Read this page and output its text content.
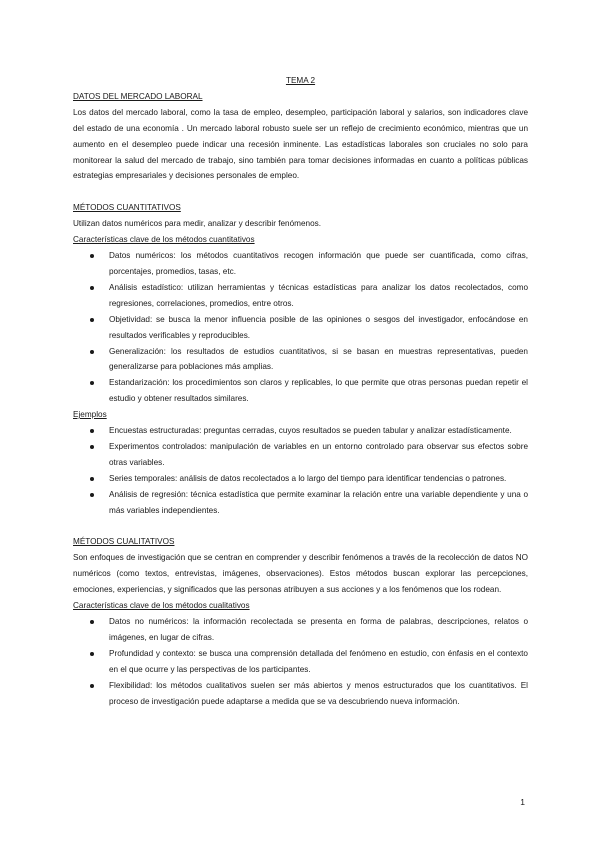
TEMA 2

DATOS DEL MERCADO LABORAL

Los datos del mercado laboral, como la tasa de empleo, desempleo, participación laboral y salarios, son indicadores clave del estado de una economía . Un mercado laboral robusto suele ser un reflejo de crecimiento económico, mientras que un aumento en el desempleo puede indicar una recesión inminente. Las estadísticas laborales son cruciales no solo para monitorear la salud del mercado de trabajo, sino también para tomar decisiones informadas en cuanto a políticas públicas estrategias empresariales y decisiones personales de empleo.

MÉTODOS CUANTITATIVOS

Utilizan datos numéricos para medir, analizar y describir fenómenos.

Características clave de los métodos cuantitativos

Datos numéricos: los métodos cuantitativos recogen información que puede ser cuantificada, como cifras, porcentajes, promedios, tasas, etc.
Análisis estadístico: utilizan herramientas y técnicas estadísticas para analizar los datos recolectados, como regresiones, correlaciones, promedios, entre otros.
Objetividad: se busca la menor influencia posible de las opiniones o sesgos del investigador, enfocándose en resultados verificables y reproducibles.
Generalización: los resultados de estudios cuantitativos, si se basan en muestras representativas, pueden generalizarse para poblaciones más amplias.
Estandarización: los procedimientos son claros y replicables, lo que permite que otras personas puedan repetir el estudio y obtener resultados similares.

Ejemplos

Encuestas estructuradas: preguntas cerradas, cuyos resultados se pueden tabular y analizar estadísticamente.
Experimentos controlados: manipulación de variables en un entorno controlado para observar sus efectos sobre otras variables.
Series temporales: análisis de datos recolectados a lo largo del tiempo para identificar tendencias o patrones.
Análisis de regresión: técnica estadística que permite examinar la relación entre una variable dependiente y una o más variables independientes.

MÉTODOS CUALITATIVOS

Son enfoques de investigación que se centran en comprender y describir fenómenos a través de la recolección de datos NO numéricos (como textos, entrevistas, imágenes, observaciones). Estos métodos buscan explorar las percepciones, emociones, experiencias, y significados que las personas atribuyen a sus acciones y a los fenómenos que los rodean.

Características clave de los métodos cualitativos

Datos no numéricos: la información recolectada se presenta en forma de palabras, descripciones, relatos o imágenes, en lugar de cifras.
Profundidad y contexto: se busca una comprensión detallada del fenómeno en estudio, con énfasis en el contexto en el que ocurre y las perspectivas de los participantes.
Flexibilidad: los métodos cualitativos suelen ser más abiertos y menos estructurados que los cuantitativos. El proceso de investigación puede adaptarse a medida que se va descubriendo nueva información.
1
